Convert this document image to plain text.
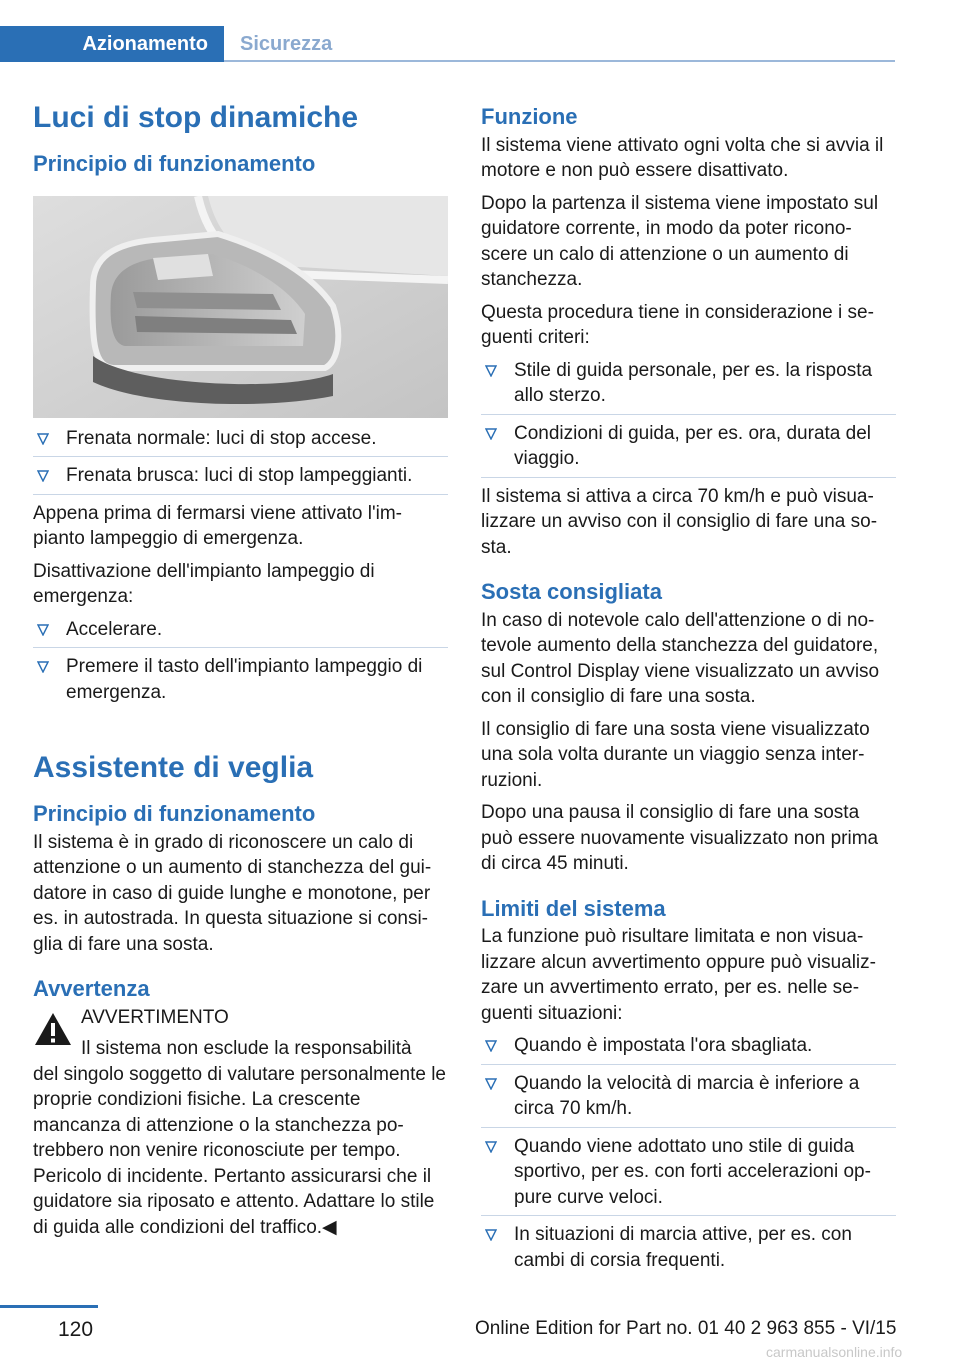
Azionamento	Sicurezza
Luci di stop dinamiche
Principio di funzionamento
Frenata normale: luci di stop accese.
Frenata brusca: luci di stop lampeggianti.

Appena prima di fermarsi viene attivato l'im-pianto lampeggio di emergenza.

Disattivazione dell'impianto lampeggio di emergenza:

Accelerare.
Premere il tasto dell'impianto lampeggio di emergenza.
Assistente di veglia
Principio di funzionamento

Il sistema è in grado di riconoscere un calo di attenzione o un aumento di stanchezza del gui-datore in caso di guide lunghe e monotone, per es. in autostrada. In questa situazione si consi-glia di fare una sosta.

Avvertenza

AVVERTIMENTO

Il sistema non esclude la responsabilità

del singolo soggetto di valutare personalmente le proprie condizioni fisiche. La crescente mancanza di attenzione o la stanchezza po-trebbero non venire riconosciute per tempo. Pericolo di incidente. Pertanto assicurarsi che il guidatore sia riposato e attento. Adattare lo stile di guida alle condizioni del traffico.◀

Funzione

Il sistema viene attivato ogni volta che si avvia il motore e non può essere disattivato.

Dopo la partenza il sistema viene impostato sul guidatore corrente, in modo da poter ricono-scere un calo di attenzione o un aumento di stanchezza.

Questa procedura tiene in considerazione i se-guenti criteri:

Stile di guida personale, per es. la risposta allo sterzo.
Condizioni di guida, per es. ora, durata del viaggio.

Il sistema si attiva a circa 70 km/h e può visua-lizzare un avviso con il consiglio di fare una so-sta.

Sosta consigliata

In caso di notevole calo dell'attenzione o di no-tevole aumento della stanchezza del guidatore, sul Control Display viene visualizzato un avviso con il consiglio di fare una sosta.

Il consiglio di fare una sosta viene visualizzato una sola volta durante un viaggio senza inter-ruzioni.

Dopo una pausa il consiglio di fare una sosta può essere nuovamente visualizzato non prima di circa 45 minuti.

Limiti del sistema

La funzione può risultare limitata e non visua-lizzare alcun avvertimento oppure può visualiz-zare un avvertimento errato, per es. nelle se-guenti situazioni:

Quando è impostata l'ora sbagliata.
Quando la velocità di marcia è inferiore a circa 70 km/h.
Quando viene adottato uno stile di guida sportivo, per es. con forti accelerazioni op-pure curve veloci.
In situazioni di marcia attive, per es. con cambi di corsia frequenti.
120	Online Edition for Part no. 01 40 2 963 855 - VI/15
carmanualsonline.info
